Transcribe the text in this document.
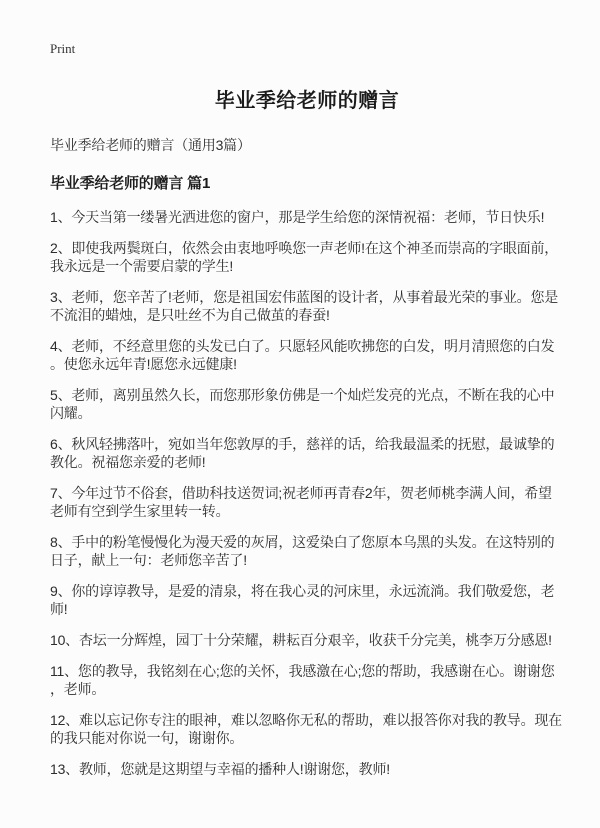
Print
毕业季给老师的赠言
毕业季给老师的赠言（通用3篇）
毕业季给老师的赠言 篇1

1、今天当第一缕暑光洒进您的窗户，那是学生给您的深情祝福：老师，节日快乐!

2、即使我两鬓斑白，依然会由衷地呼唤您一声老师!在这个神圣而崇高的字眼面前，我永远是一个需要启蒙的学生!

3、老师，您辛苦了!老师，您是祖国宏伟蓝图的设计者，从事着最光荣的事业。您是不流泪的蜡烛，是只吐丝不为自己做茧的春蚕!

4、老师，不经意里您的头发已白了。只愿轻风能吹拂您的白发，明月清照您的白发。使您永远年青!愿您永远健康!

5、老师，离别虽然久长，而您那形象仿佛是一个灿烂发亮的光点，不断在我的心中闪耀。

6、秋风轻拂落叶，宛如当年您敦厚的手，慈祥的话，给我最温柔的抚慰，最诚挚的教化。祝福您亲爱的老师!

7、今年过节不俗套，借助科技送贺词;祝老师再青春2年，贺老师桃李满人间，希望老师有空到学生家里转一转。

8、手中的粉笔慢慢化为漫天爱的灰屑，这爱染白了您原本乌黑的头发。在这特别的日子，献上一句：老师您辛苦了!

9、你的谆谆教导，是爱的清泉，将在我心灵的河床里，永远流淌。我们敬爱您，老师!

10、杏坛一分辉煌，园丁十分荣耀，耕耘百分艰辛，收获千分完美，桃李万分感恩!

11、您的教导，我铭刻在心;您的关怀，我感激在心;您的帮助，我感谢在心。谢谢您，老师。

12、难以忘记你专注的眼神，难以忽略你无私的帮助，难以报答你对我的教导。现在的我只能对你说一句，谢谢你。

13、教师，您就是这期望与幸福的播种人!谢谢您，教师!
